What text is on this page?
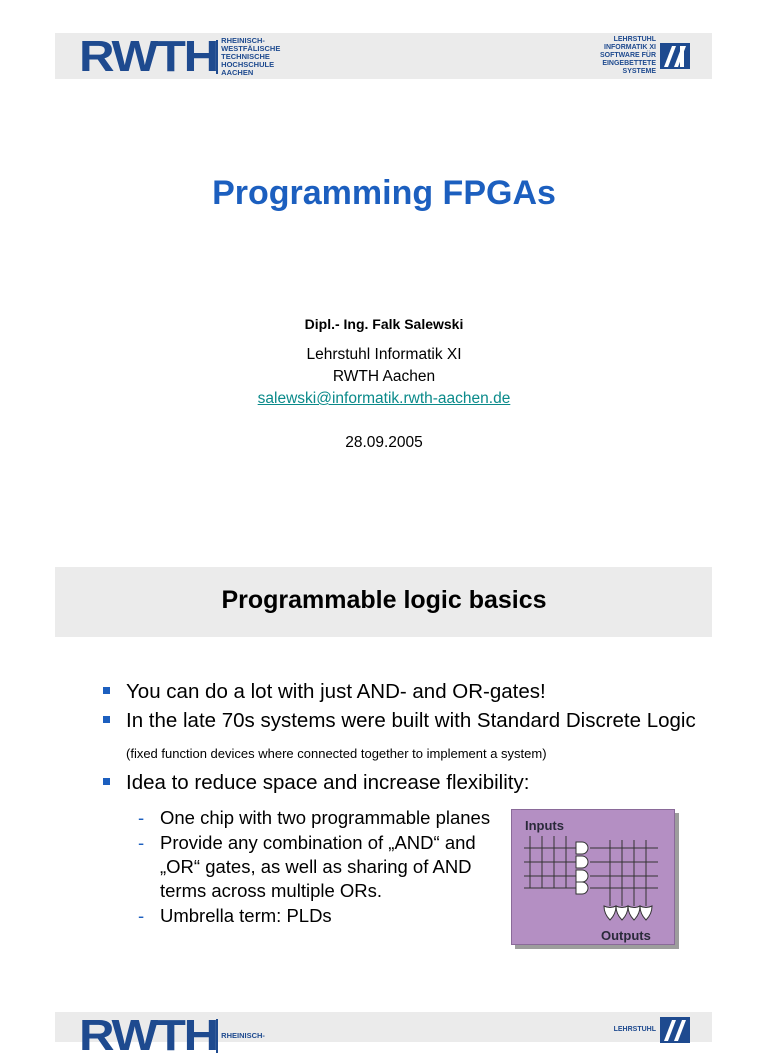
RWTH RHEINISCH-
WESTFÄLISCHE
TECHNISCHE
HOCHSCHULE
AACHEN
LEHRSTUHL
INFORMATIK XI
SOFTWARE FÜR
EINGEBETTETE
SYSTEME
Programming FPGAs
Dipl.- Ing. Falk Salewski
Lehrstuhl Informatik XI
RWTH Aachen
salewski@informatik.rwth-aachen.de
28.09.2005
Programmable logic basics
You can do a lot with just AND- and OR-gates!
In the late 70s systems were built with Standard Discrete Logic (fixed function devices where connected together to implement a system)
Idea to reduce space and increase flexibility:
- One chip with two programmable planes
- Provide any combination of „AND“ and „OR“ gates, as well as sharing of AND terms across multiple ORs.
- Umbrella term: PLDs
Inputs
Outputs
RWTH RHEINISCH-
LEHRSTUHL
